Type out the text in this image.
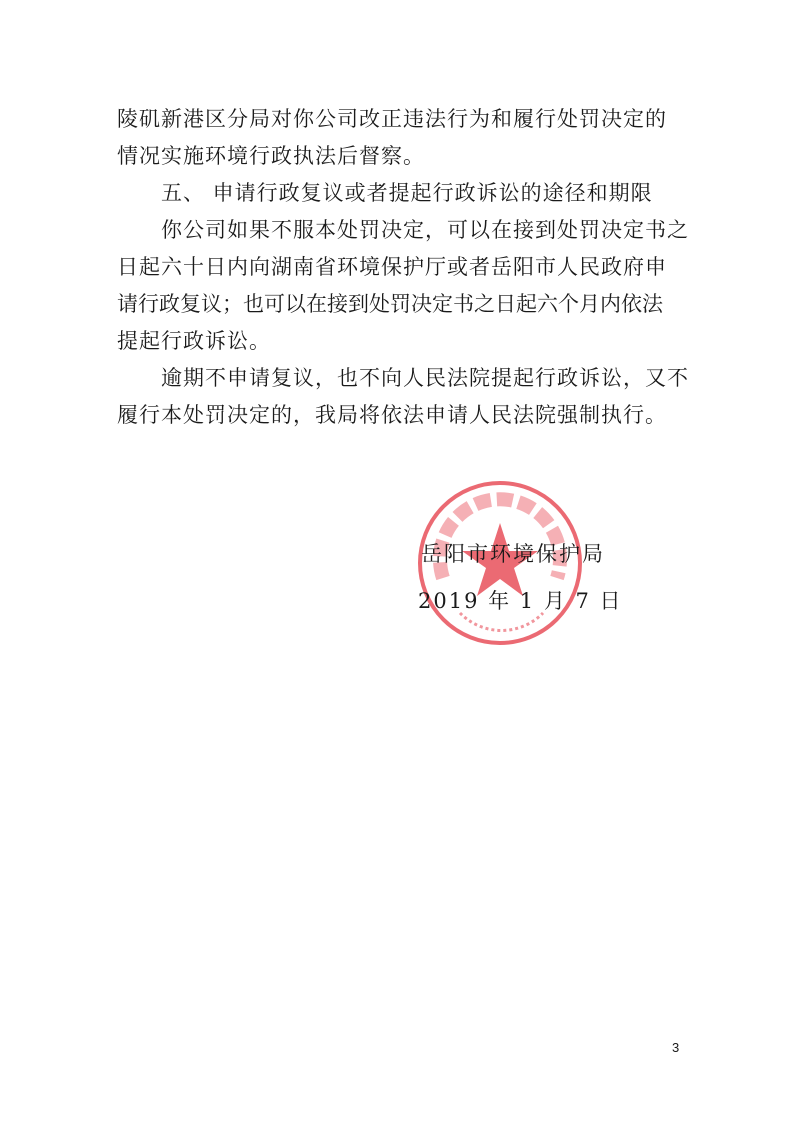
陵矶新港区分局对你公司改正违法行为和履行处罚决定的
情况实施环境行政执法后督察。
五、 申请行政复议或者提起行政诉讼的途径和期限
你公司如果不服本处罚决定，可以在接到处罚决定书之
日起六十日内向湖南省环境保护厅或者岳阳市人民政府申
请行政复议；也可以在接到处罚决定书之日起六个月内依法
提起行政诉讼。
逾期不申请复议，也不向人民法院提起行政诉讼，又不
履行本处罚决定的，我局将依法申请人民法院强制执行。
岳阳市环境保护局
2019 年 1 月 7 日
3
